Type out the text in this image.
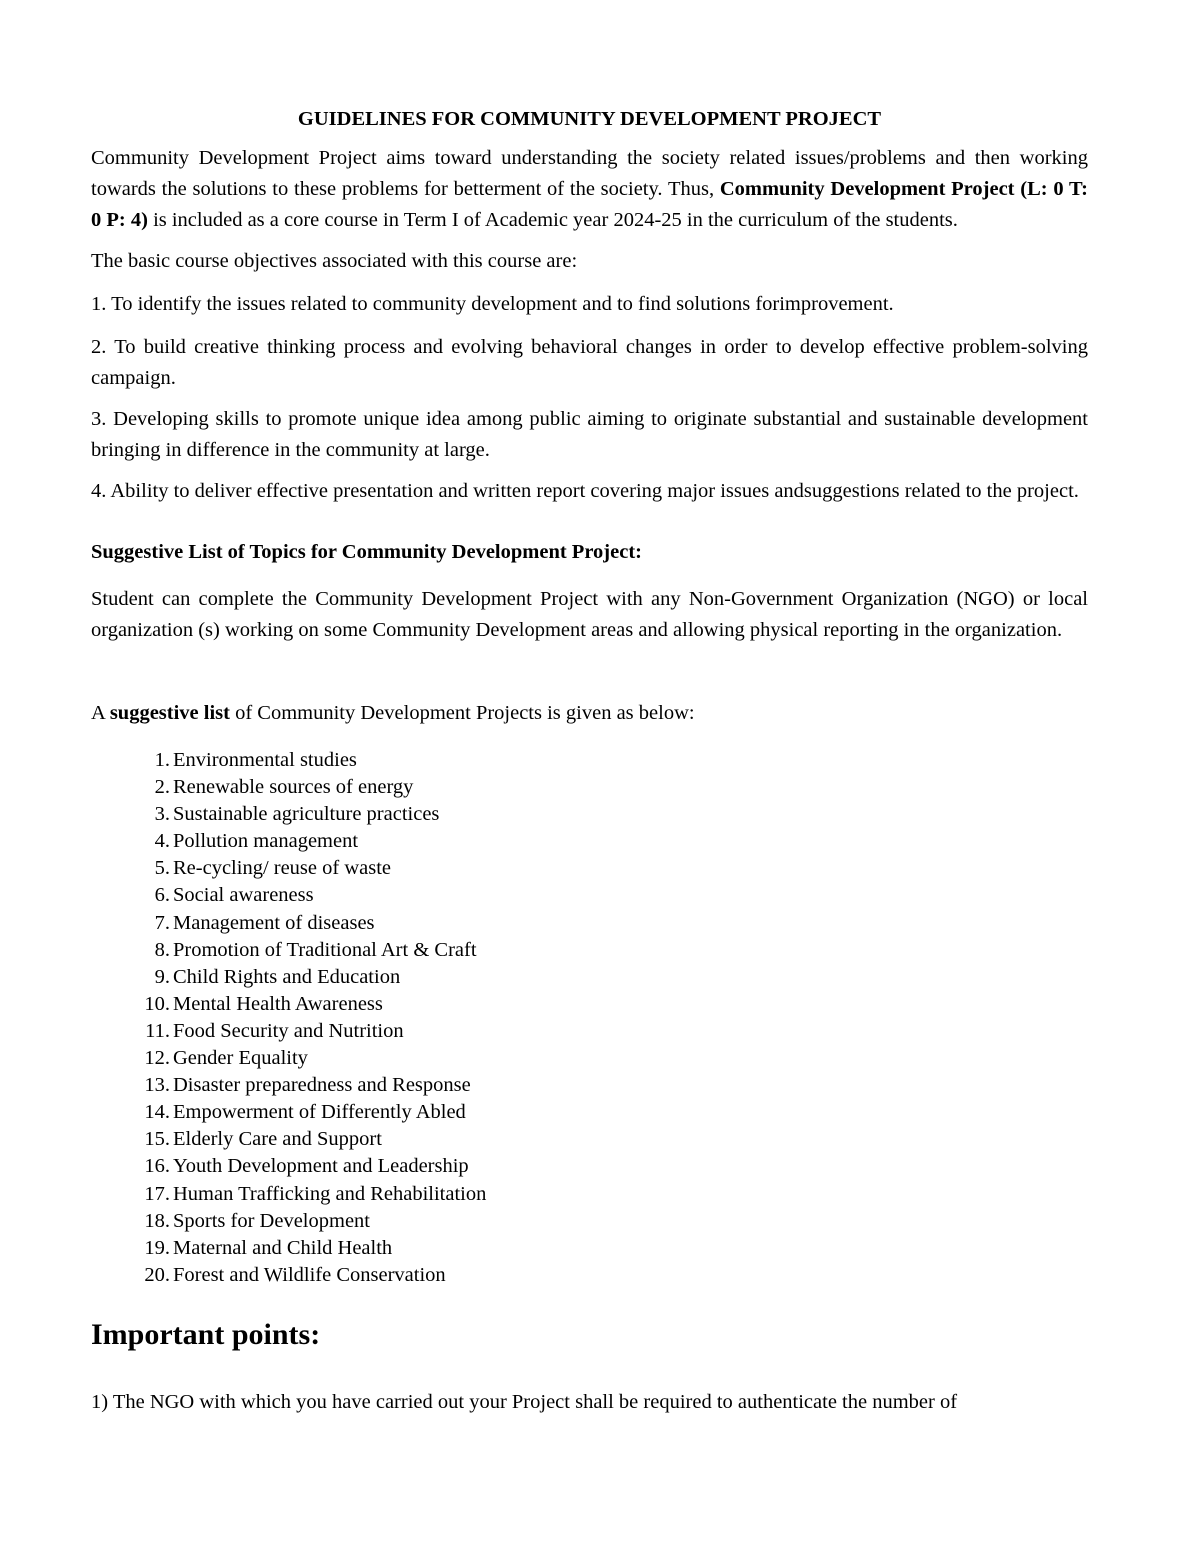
GUIDELINES FOR COMMUNITY DEVELOPMENT PROJECT

Community Development Project aims toward understanding the society related issues/problems and then working towards the solutions to these problems for betterment of the society. Thus, Community Development Project (L: 0 T: 0 P: 4) is included as a core course in Term I of Academic year 2024-25 in the curriculum of the students.

The basic course objectives associated with this course are:

1. To identify the issues related to community development and to find solutions forimprovement.

2. To build creative thinking process and evolving behavioral changes in order to develop effective problem-solving campaign.

3. Developing skills to promote unique idea among public aiming to originate substantial and sustainable development bringing in difference in the community at large.

4. Ability to deliver effective presentation and written report covering major issues andsuggestions related to the project.

Suggestive List of Topics for Community Development Project:

Student can complete the Community Development Project with any Non-Government Organization (NGO) or local organization (s) working on some Community Development areas and allowing physical reporting in the organization.

A suggestive list of Community Development Projects is given as below:

1. Environmental studies
2. Renewable sources of energy
3. Sustainable agriculture practices
4. Pollution management
5. Re-cycling/ reuse of waste
6. Social awareness
7. Management of diseases
8. Promotion of Traditional Art & Craft
9. Child Rights and Education
10. Mental Health Awareness
11. Food Security and Nutrition
12. Gender Equality
13. Disaster preparedness and Response
14. Empowerment of Differently Abled
15. Elderly Care and Support
16. Youth Development and Leadership
17. Human Trafficking and Rehabilitation
18. Sports for Development
19. Maternal and Child Health
20. Forest and Wildlife Conservation
Important points:

1) The NGO with which you have carried out your Project shall be required to authenticate the number of
